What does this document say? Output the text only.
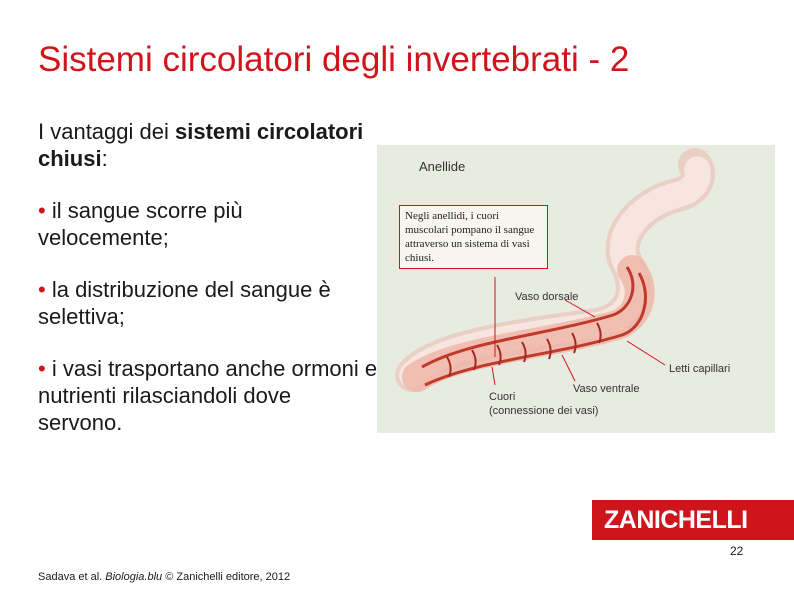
Sistemi circolatori degli invertebrati - 2

I vantaggi dei sistemi circolatori chiusi:

• il sangue scorre più velocemente;

• la distribuzione del sangue è selettiva;

• i vasi trasportano anche ormoni e nutrienti rilasciandoli dove servono.

Anellide
Negli anellidi, i cuori muscolari pompano il sangue attraverso un sistema di vasi chiusi.
Vaso dorsale
Letti capillari
Vaso ventrale
Cuori
(connessione dei vasi)
ZANICHELLI
22
Sadava et al. Biologia.blu © Zanichelli editore, 2012
